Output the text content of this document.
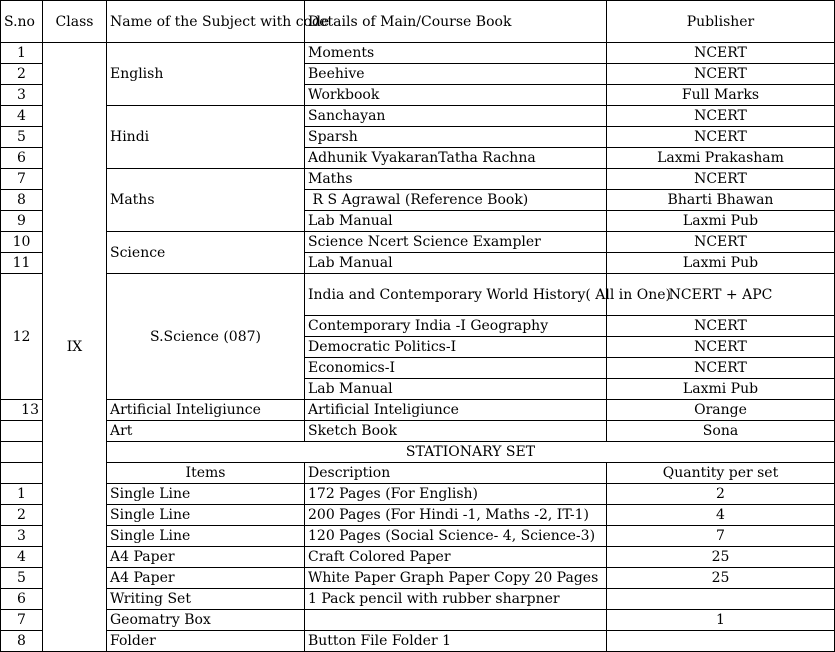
S.no	Class	Name of the Subject with code	Details of Main/Course Book	Publisher
1	IX	English	Moments	NCERT
2			Beehive	NCERT
3			Workbook	Full Marks
4		Hindi	Sanchayan	NCERT
5			Sparsh	NCERT
6			Adhunik VyakaranTatha Rachna	Laxmi Prakasham
7		Maths	Maths	NCERT
8			R S Agrawal (Reference Book)	Bharti Bhawan
9			Lab Manual	Laxmi Pub
10		Science	Science Ncert Science Exampler	NCERT
11			Lab Manual	Laxmi Pub
12		S.Science (087)	India and Contemporary World History( All in One)	NCERT + APC
			Contemporary India -I Geography	NCERT
			Democratic Politics-I	NCERT
			Economics-I	NCERT
			Lab Manual	Laxmi Pub
13		Artificial Inteligiunce	Artificial Inteligiunce	Orange
		Art	Sketch Book	Sona
		STATIONARY SET		
		Items	Description	Quantity per set
1		Single Line	172 Pages (For English)	2
2		Single Line	200 Pages (For Hindi -1, Maths -2, IT-1)	4
3		Single Line	120 Pages (Social Science- 4, Science-3)	7
4		A4 Paper	Craft Colored Paper	25
5		A4 Paper	White Paper Graph Paper Copy 20 Pages	25
6		Writing Set	1 Pack pencil with rubber sharpner	
7		Geomatry Box		1
8		Folder	Button File Folder 1	
